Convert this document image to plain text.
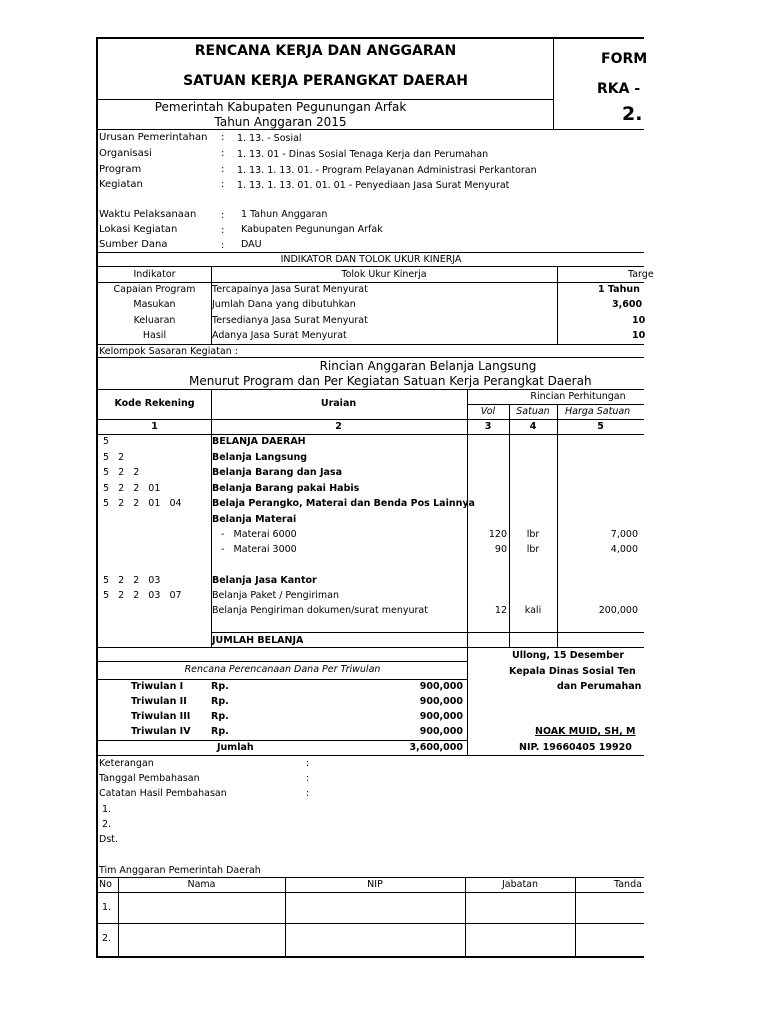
RENCANA KERJA DAN ANGGARAN
SATUAN KERJA PERANGKAT DAERAH
FORM
RKA -
2.
Pemerintah Kabupaten Pegunungan Arfak
Tahun Anggaran 2015
Urusan Pemerintahan : 1. 13. - Sosial
Organisasi	: 1. 13. 01 - Dinas Sosial Tenaga Kerja dan Perumahan
Program	: 1. 13. 1. 13. 01. - Program Pelayanan Administrasi Perkantoran
Kegiatan	: 1. 13. 1. 13. 01. 01. 01 - Penyediaan Jasa Surat Menyurat
Waktu Pelaksanaan : 1 Tahun Anggaran
Lokasi Kegiatan	: Kabupaten Pegunungan Arfak
Sumber Dana	: DAU
INDIKATOR DAN TOLOK UKUR KINERJA
Indikator	Tolok Ukur Kinerja	Targe
Capaian Program	Tercapainya Jasa Surat Menyurat	1 Tahun
Masukan	Jumlah Dana yang dibutuhkan	3,600
Keluaran	Tersedianya Jasa Surat Menyurat	10
Hasil	Adanya Jasa Surat Menyurat	10
Kelompok Sasaran Kegiatan :
Rincian Anggaran Belanja Langsung
Menurut Program dan Per Kegiatan Satuan Kerja Perangkat Daerah
Kode Rekening	Uraian
Rincian Perhitungan
Vol	Satuan	Harga Satuan
1	2	3	4	5
5	BELANJA DAERAH
5   2	Belanja Langsung
5   2   2	Belanja Barang dan Jasa
5   2   2   01	Belanja Barang pakai Habis
5   2   2   01   04	Belaja Perangko, Materai dan Benda Pos Lainnya
Belanja Materai
-   Materai 6000	120	lbr	7,000
-   Materai 3000	90	lbr	4,000
5   2   2   03	Belanja Jasa Kantor
5   2   2   03   07	Belanja Paket / Pengiriman
Belanja Pengiriman dokumen/surat menyurat	12	kali	200,000
JUMLAH BELANJA
Rencana Perencanaan Dana Per Triwulan
Triwulan I	Rp.	900,000
Triwulan II	Rp.	900,000
Triwulan III Rp.	900,000
Triwulan IV Rp.	900,000
Jumlah	3,600,000
Ullong, 15 Desember
Kepala Dinas Sosial Ten
dan Perumahan
NOAK MUID, SH, M
NIP. 19660405 19920
Keterangan	:
Tanggal Pembahasan	:
Catatan Hasil Pembahasan	:
1.
2.
Dst.
Tim Anggaran Pemerintah Daerah
No	Nama	NIP	Jabatan	Tanda
1.
2.
